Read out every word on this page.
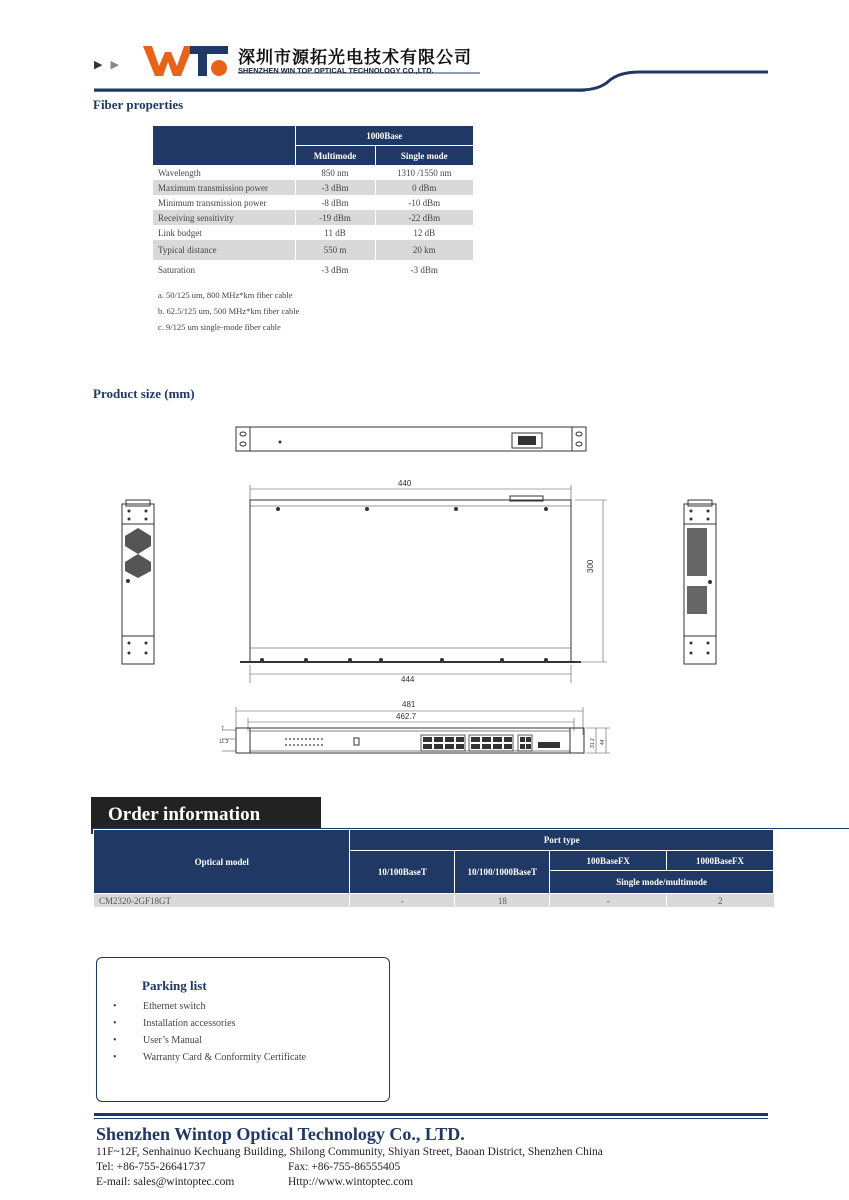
▶▶	深圳市源拓光电技术有限公司
SHENZHEN WIN TOP OPTICAL TECHNOLOGY CO.,LTD.
Fiber properties
	1000Base	
	Multimode	Single mode
Wavelength	850 nm	1310 /1550 nm
Maximum transmission power	-3 dBm	0 dBm
Minimum transmission power	-8 dBm	-10 dBm
Receiving sensitivity	-19 dBm	-22 dBm
Link budget	11 dB	12 dB
Typical distance	550 m	20 km
Saturation	-3 dBm	-3 dBm
a. 50/125 um, 800 MHz*km fiber cable
b. 62.5/125 um, 500 MHz*km fiber cable
c. 9/125 um single-mode fiber cable
Product size (mm)
440
300
444
481
462.7
7
11.3	31.2 44
Order information
Optical model	Port type			
	10/100BaseT	10/100/1000BaseT	100BaseFX	1000BaseFX
			Single mode/multimode	
CM2320-2GF18GT	-	18	-	2
Parking list
•	Ethernet switch
•	Installation accessories
•	User’s Manual
•	Warranty Card & Conformity Certificate
Shenzhen Wintop Optical Technology Co., LTD.
11F~12F, Senhainuo Kechuang Building, Shilong Community, Shiyan Street, Baoan District, Shenzhen China
Tel: +86-755-26641737	Fax: +86-755-86555405
E-mail: sales@wintoptec.com	Http://www.wintoptec.com
